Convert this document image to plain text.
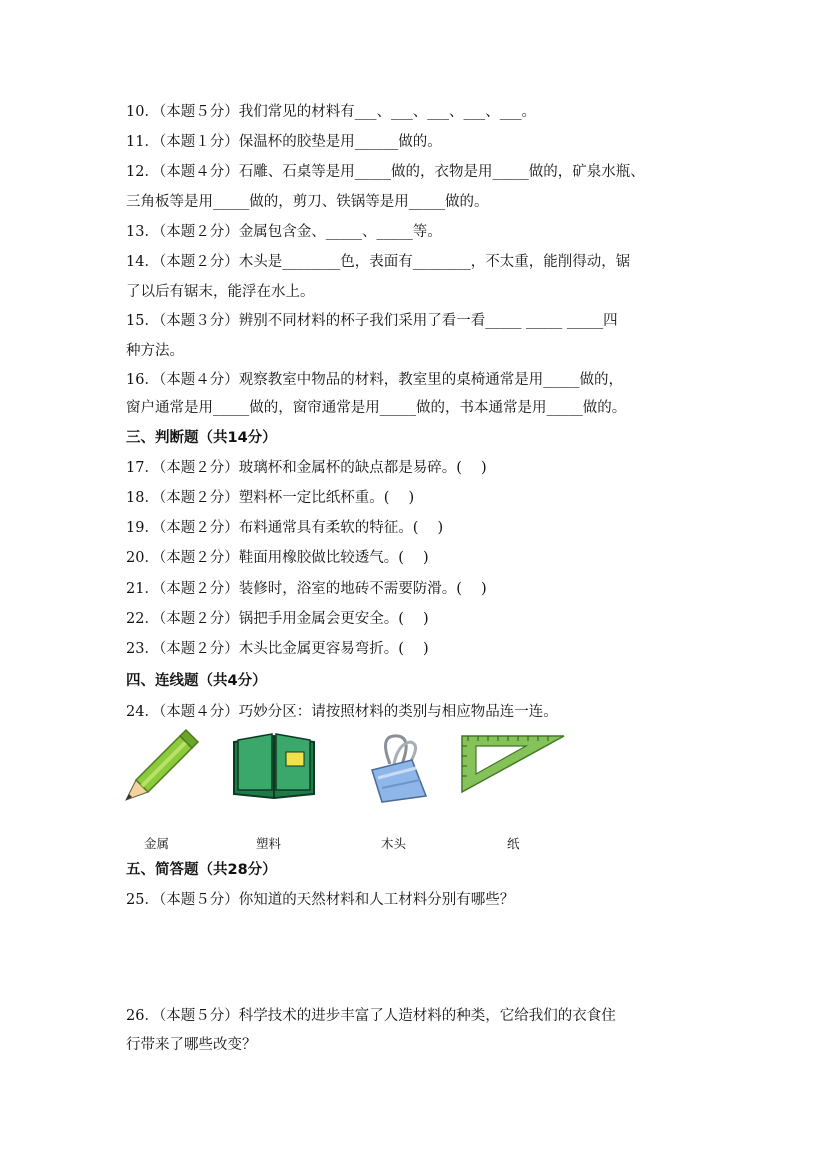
10．（本题５分）我们常见的材料有___、___、___、___、___。
11．（本题１分）保温杯的胶垫是用______做的。
12．（本题４分）石雕、石桌等是用_____做的，衣物是用_____做的，矿泉水瓶、
三角板等是用_____做的，剪刀、铁锅等是用_____做的。
13．（本题２分）金属包含金、_____、_____等。
14．（本题２分）木头是________色，表面有________，不太重，能削得动，锯
了以后有锯末，能浮在水上。
15．（本题３分）辨别不同材料的杯子我们采用了看一看_____ _____ _____四
种方法。
16．（本题４分）观察教室中物品的材料，教室里的桌椅通常是用_____做的，
窗户通常是用_____做的，窗帘通常是用_____做的，书本通常是用_____做的。
三、判断题（共14分）
17．（本题２分）玻璃杯和金属杯的缺点都是易碎。(　 )
18．（本题２分）塑料杯一定比纸杯重。(　 )
19．（本题２分）布料通常具有柔软的特征。(　 )
20．（本题２分）鞋面用橡胶做比较透气。(　 )
21．（本题２分）装修时，浴室的地砖不需要防滑。(　 )
22．（本题２分）锅把手用金属会更安全。(　 )
23．（本题２分）木头比金属更容易弯折。(　 )
四、连线题（共4分）
24．（本题４分）巧妙分区：请按照材料的类别与相应物品连一连。
金属	塑料	木头	纸
五、简答题（共28分）
25．（本题５分）你知道的天然材料和人工材料分别有哪些？
26．（本题５分）科学技术的进步丰富了人造材料的种类，它给我们的衣食住
行带来了哪些改变？
